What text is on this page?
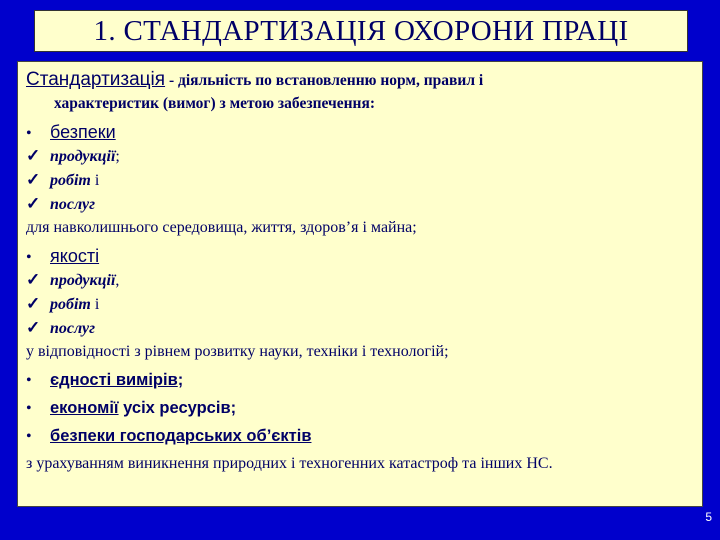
1. СТАНДАРТИЗАЦІЯ ОХОРОНИ ПРАЦІ
Стандартизація - діяльність по встановленню норм, правил і
характеристик (вимог) з метою забезпечення:
• безпеки
✓ продукції;
✓ робіт і
✓ послуг
для навколишнього середовища, життя, здоров’я і майна;
• якості
✓ продукції,
✓ робіт і
✓ послуг
у відповідності з рівнем розвитку науки, техніки і технологій;
• єдності вимірів;
• економії усіх ресурсів;
• безпеки господарських об’єктів
з урахуванням виникнення природних і техногенних катастроф та інших НС.
5
